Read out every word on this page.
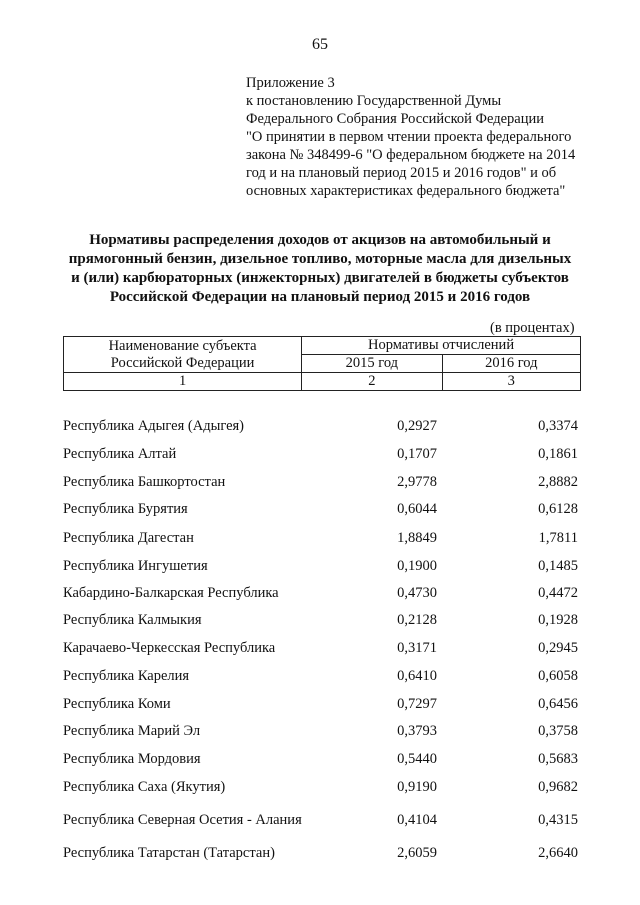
65
Приложение 3
к постановлению Государственной Думы
Федерального Собрания Российской Федерации
"О принятии в первом чтении проекта федерального
закона № 348499-6 "О федеральном бюджете на 2014
год и на плановый период 2015 и 2016 годов" и об
основных характеристиках федерального бюджета"
Нормативы распределения доходов от акцизов на автомобильный и
прямогонный бензин, дизельное топливо, моторные масла для дизельных
и (или) карбюраторных (инжекторных) двигателей в бюджеты субъектов
Российской Федерации на плановый период 2015 и 2016 годов
(в процентах)
Наименование субъекта
Российской Федерации	Нормативы отчислений	
	2015 год	2016 год
1	2	3
Республика Адыгея (Адыгея)	0,2927	0,3374
Республика Алтай	0,1707	0,1861
Республика Башкортостан	2,9778	2,8882
Республика Бурятия	0,6044	0,6128
Республика Дагестан	1,8849	1,7811
Республика Ингушетия	0,1900	0,1485
Кабардино-Балкарская Республика	0,4730	0,4472
Республика Калмыкия	0,2128	0,1928
Карачаево-Черкесская Республика	0,3171	0,2945
Республика Карелия	0,6410	0,6058
Республика Коми	0,7297	0,6456
Республика Марий Эл	0,3793	0,3758
Республика Мордовия	0,5440	0,5683
Республика Саха (Якутия)	0,9190	0,9682
Республика Северная Осетия - Алания	0,4104	0,4315
Республика Татарстан (Татарстан)	2,6059	2,6640
